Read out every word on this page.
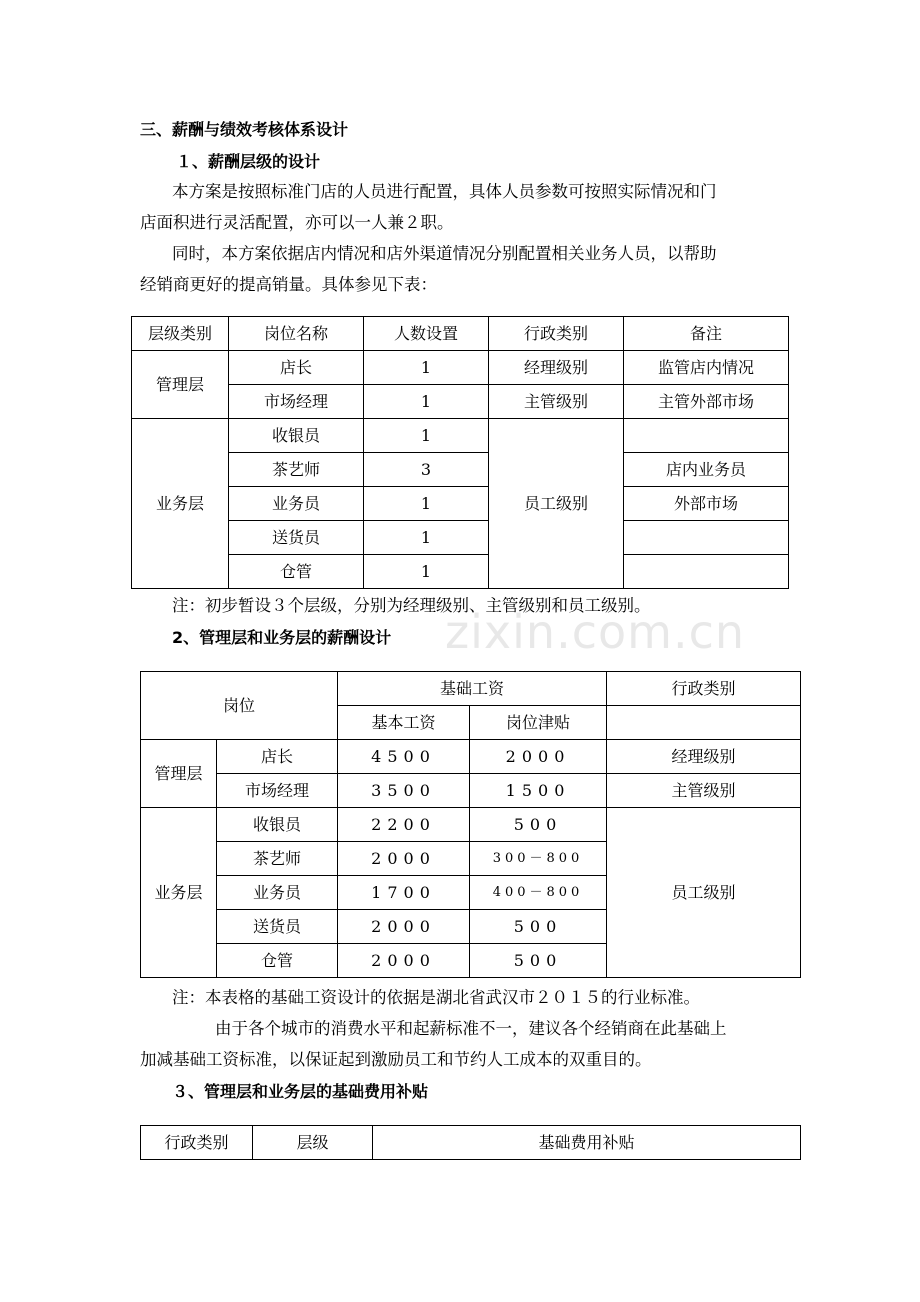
zixin.com.cn
三、薪酬与绩效考核体系设计
１、薪酬层级的设计
本方案是按照标准门店的人员进行配置，具体人员参数可按照实际情况和门
店面积进行灵活配置，亦可以一人兼２职。
同时，本方案依据店内情况和店外渠道情况分别配置相关业务人员，以帮助
经销商更好的提高销量。具体参见下表：
层级类别	岗位名称	人数设置	行政类别	备注
管理层	店长	1	经理级别	监管店内情况
	市场经理	1	主管级别	主管外部市场
业务层	收银员	1	员工级别	
	茶艺师	3		店内业务员
	业务员	1		外部市场
	送货员	1		
	仓管	1		
注：初步暂设３个层级，分别为经理级别、主管级别和员工级别。
2、管理层和业务层的薪酬设计
岗位		基础工资		行政类别
		基本工资	岗位津贴	
管理层	店长	4500	2000	经理级别
	市场经理	3500	1500	主管级别
业务层	收银员	2200	500	员工级别
	茶艺师	2000	300－800	
	业务员	1700	400－800	
	送货员	2000	500	
	仓管	2000	500	
注：本表格的基础工资设计的依据是湖北省武汉市２０１５的行业标准。
由于各个城市的消费水平和起薪标准不一，建议各个经销商在此基础上
加减基础工资标准，以保证起到激励员工和节约人工成本的双重目的。
３、管理层和业务层的基础费用补贴
行政类别	层级	基础费用补贴
